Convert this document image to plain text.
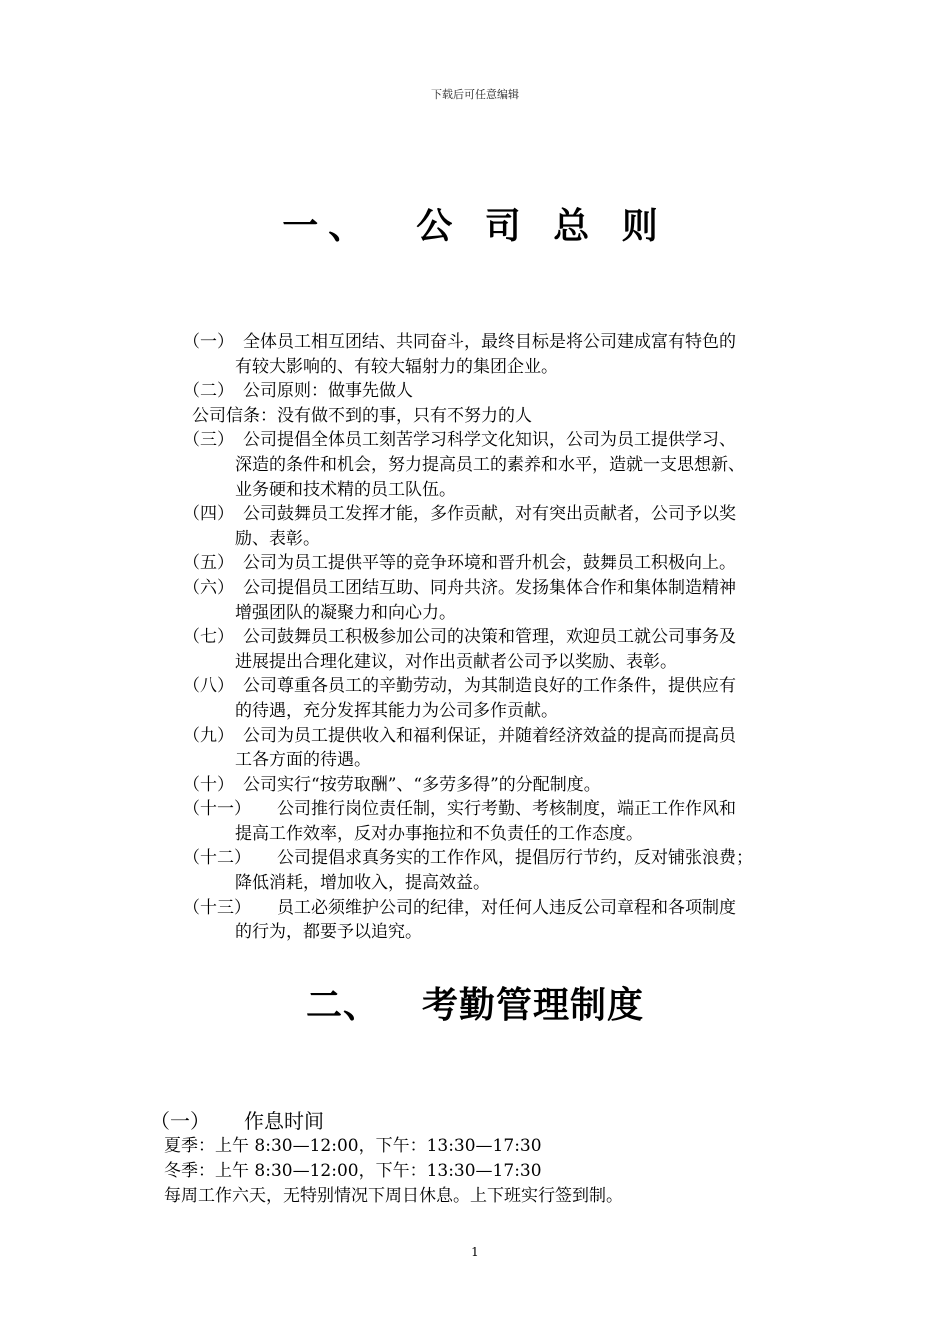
下载后可任意编辑
一、 公 司 总 则
（一） 全体员工相互团结、共同奋斗，最终目标是将公司建成富有特色的
有较大影响的、有较大辐射力的集团企业。
（二） 公司原则：做事先做人
公司信条：没有做不到的事，只有不努力的人
（三） 公司提倡全体员工刻苦学习科学文化知识，公司为员工提供学习、
深造的条件和机会，努力提高员工的素养和水平，造就一支思想新、
业务硬和技术精的员工队伍。
（四） 公司鼓舞员工发挥才能，多作贡献，对有突出贡献者，公司予以奖
励、表彰。
（五） 公司为员工提供平等的竞争环境和晋升机会，鼓舞员工积极向上。
（六） 公司提倡员工团结互助、同舟共济。发扬集体合作和集体制造精神
增强团队的凝聚力和向心力。
（七） 公司鼓舞员工积极参加公司的决策和管理，欢迎员工就公司事务及
进展提出合理化建议，对作出贡献者公司予以奖励、表彰。
（八） 公司尊重各员工的辛勤劳动，为其制造良好的工作条件，提供应有
的待遇，充分发挥其能力为公司多作贡献。
（九） 公司为员工提供收入和福利保证，并随着经济效益的提高而提高员
工各方面的待遇。
（十） 公司实行“按劳取酬”、“多劳多得”的分配制度。
（十一） 公司推行岗位责任制，实行考勤、考核制度，端正工作作风和
提高工作效率，反对办事拖拉和不负责任的工作态度。
（十二） 公司提倡求真务实的工作作风，提倡厉行节约，反对铺张浪费；
降低消耗，增加收入，提高效益。
（十三） 员工必须维护公司的纪律，对任何人违反公司章程和各项制度
的行为，都要予以追究。
二、 考勤管理制度
（一） 作息时间
夏季：上午 8:30—12:00，下午：13:30—17:30
冬季：上午 8:30—12:00，下午：13:30—17:30
每周工作六天，无特别情况下周日休息。上下班实行签到制。
1
